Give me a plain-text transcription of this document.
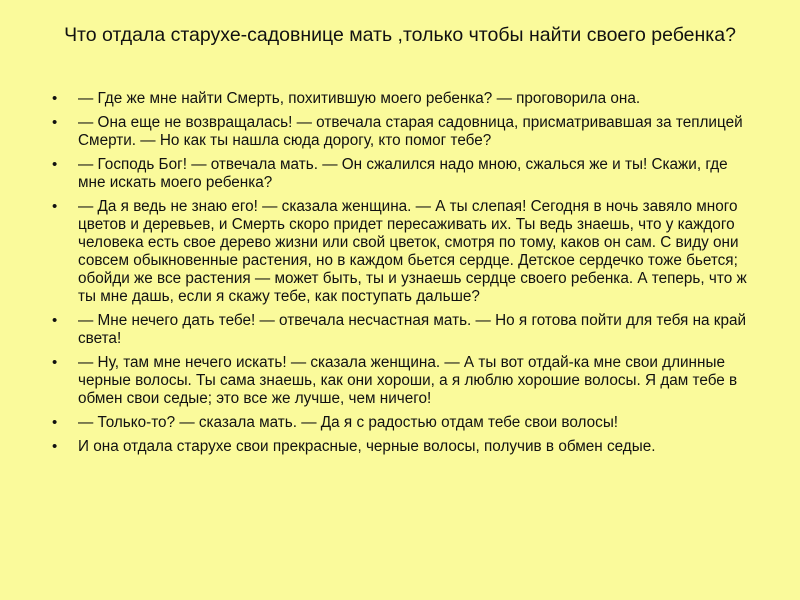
Что отдала старухе-садовнице мать ,только чтобы найти своего ребенка?
• — Где же мне найти Смерть, похитившую моего ребенка? — проговорила она.
• — Она еще не возвращалась! — отвечала старая садовница, присматривавшая за теплицей Смерти. — Но как ты нашла сюда дорогу, кто помог тебе?
• — Господь Бог! — отвечала мать. — Он сжалился надо мною, сжалься же и ты! Скажи, где мне искать моего ребенка?
• — Да я ведь не знаю его! — сказала женщина. — А ты слепая! Сегодня в ночь завяло много цветов и деревьев, и Смерть скоро придет пересаживать их. Ты ведь знаешь, что у каждого человека есть свое дерево жизни или свой цветок, смотря по тому, каков он сам. С виду они совсем обыкновенные растения, но в каждом бьется сердце. Детское сердечко тоже бьется; обойди же все растения — может быть, ты и узнаешь сердце своего ребенка. А теперь, что ж ты мне дашь, если я скажу тебе, как поступать дальше?
• — Мне нечего дать тебе! — отвечала несчастная мать. — Но я готова пойти для тебя на край света!
• — Ну, там мне нечего искать! — сказала женщина. — А ты вот отдай-ка мне свои длинные черные волосы. Ты сама знаешь, как они хороши, а я люблю хорошие волосы. Я дам тебе в обмен свои седые; это все же лучше, чем ничего!
• — Только-то? — сказала мать. — Да я с радостью отдам тебе свои волосы!
• И она отдала старухе свои прекрасные, черные волосы, получив в обмен седые.
